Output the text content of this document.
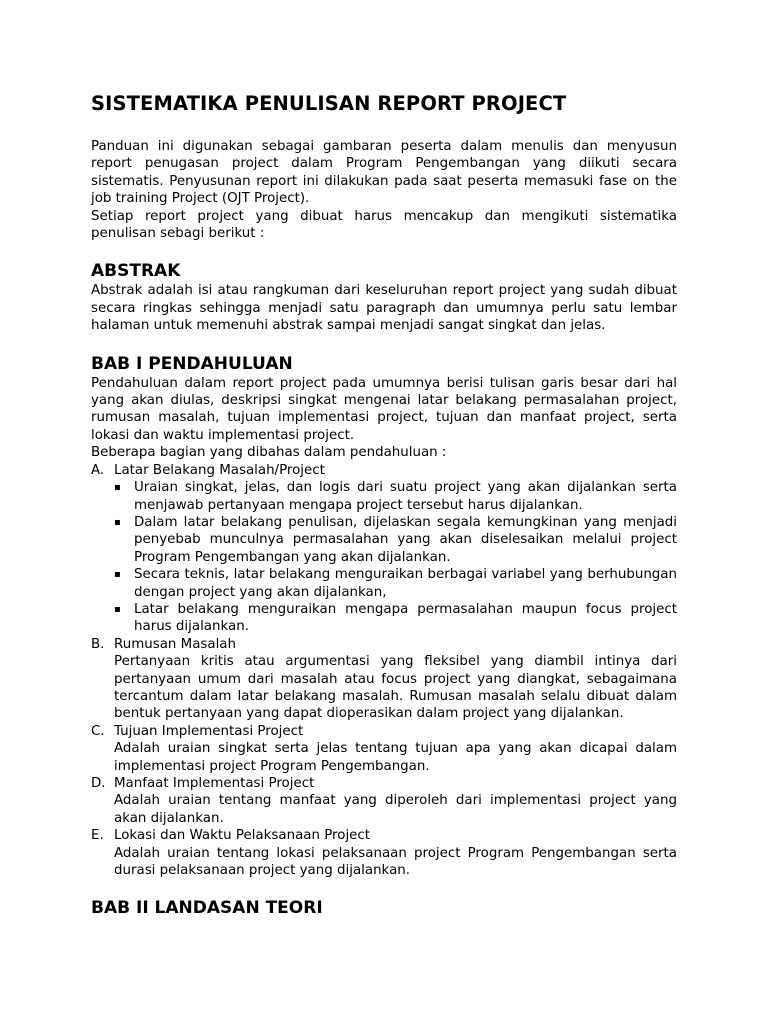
SISTEMATIKA PENULISAN REPORT PROJECT

Panduan ini digunakan sebagai gambaran peserta dalam menulis dan menyusun report penugasan project dalam Program Pengembangan yang diikuti secara sistematis. Penyusunan report ini dilakukan pada saat peserta memasuki fase on the job training Project (OJT Project).

Setiap report project yang dibuat harus mencakup dan mengikuti sistematika penulisan sebagi berikut :

ABSTRAK

Abstrak adalah isi atau rangkuman dari keseluruhan report project yang sudah dibuat secara ringkas sehingga menjadi satu paragraph dan umumnya perlu satu lembar halaman untuk memenuhi abstrak sampai menjadi sangat singkat dan jelas.

BAB I PENDAHULUAN

Pendahuluan dalam report project pada umumnya berisi tulisan garis besar dari hal yang akan diulas, deskripsi singkat mengenai latar belakang permasalahan project, rumusan masalah, tujuan implementasi project, tujuan dan manfaat project, serta lokasi dan waktu implementasi project.

Beberapa bagian yang dibahas dalam pendahuluan :

A. Latar Belakang Masalah/Project
▪ Uraian singkat, jelas, dan logis dari suatu project yang akan dijalankan serta menjawab pertanyaan mengapa project tersebut harus dijalankan.
▪ Dalam latar belakang penulisan, dijelaskan segala kemungkinan yang menjadi penyebab munculnya permasalahan yang akan diselesaikan melalui project Program Pengembangan yang akan dijalankan.
▪ Secara teknis, latar belakang menguraikan berbagai variabel yang berhubungan dengan project yang akan dijalankan,
▪ Latar belakang menguraikan mengapa permasalahan maupun focus project harus dijalankan.
B. Rumusan Masalah
Pertanyaan kritis atau argumentasi yang fleksibel yang diambil intinya dari pertanyaan umum dari masalah atau focus project yang diangkat, sebagaimana tercantum dalam latar belakang masalah. Rumusan masalah selalu dibuat dalam bentuk pertanyaan yang dapat dioperasikan dalam project yang dijalankan.
C. Tujuan Implementasi Project
Adalah uraian singkat serta jelas tentang tujuan apa yang akan dicapai dalam implementasi project Program Pengembangan.
D. Manfaat Implementasi Project
Adalah uraian tentang manfaat yang diperoleh dari implementasi project yang akan dijalankan.
E. Lokasi dan Waktu Pelaksanaan Project
Adalah uraian tentang lokasi pelaksanaan project Program Pengembangan serta durasi pelaksanaan project yang dijalankan.
BAB II LANDASAN TEORI
